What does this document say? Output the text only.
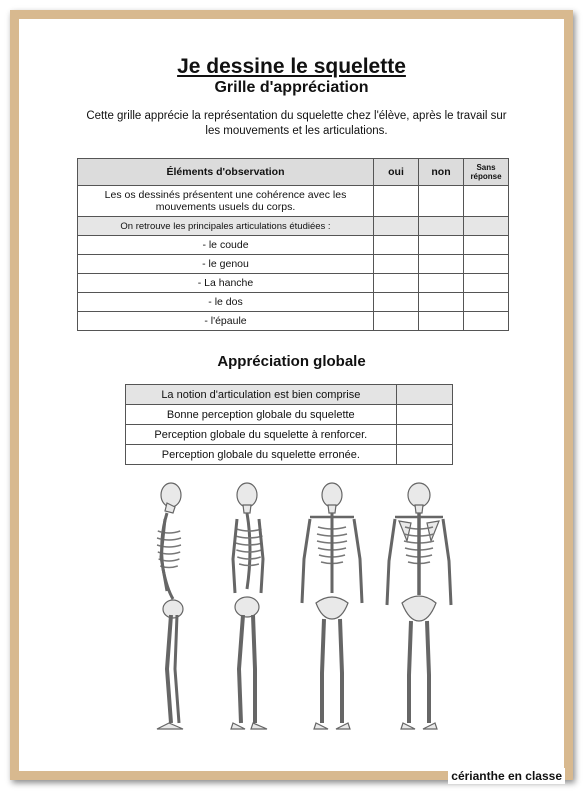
Je dessine le squelette
Grille d'appréciation
Cette grille apprécie la représentation du squelette chez l'élève, après le travail sur les mouvements et les articulations.
Éléments d'observation	oui	non	Sans réponse
Les os dessinés présentent une cohérence avec les mouvements usuels du corps.			
On retrouve les principales articulations étudiées :			
- le coude			
- le genou			
- La hanche			
- le dos			
- l'épaule			
Appréciation globale
La notion d'articulation est bien comprise	
Bonne perception globale du squelette	
Perception globale du squelette à renforcer.	
Perception globale du squelette erronée.	
cérianthe en classe
